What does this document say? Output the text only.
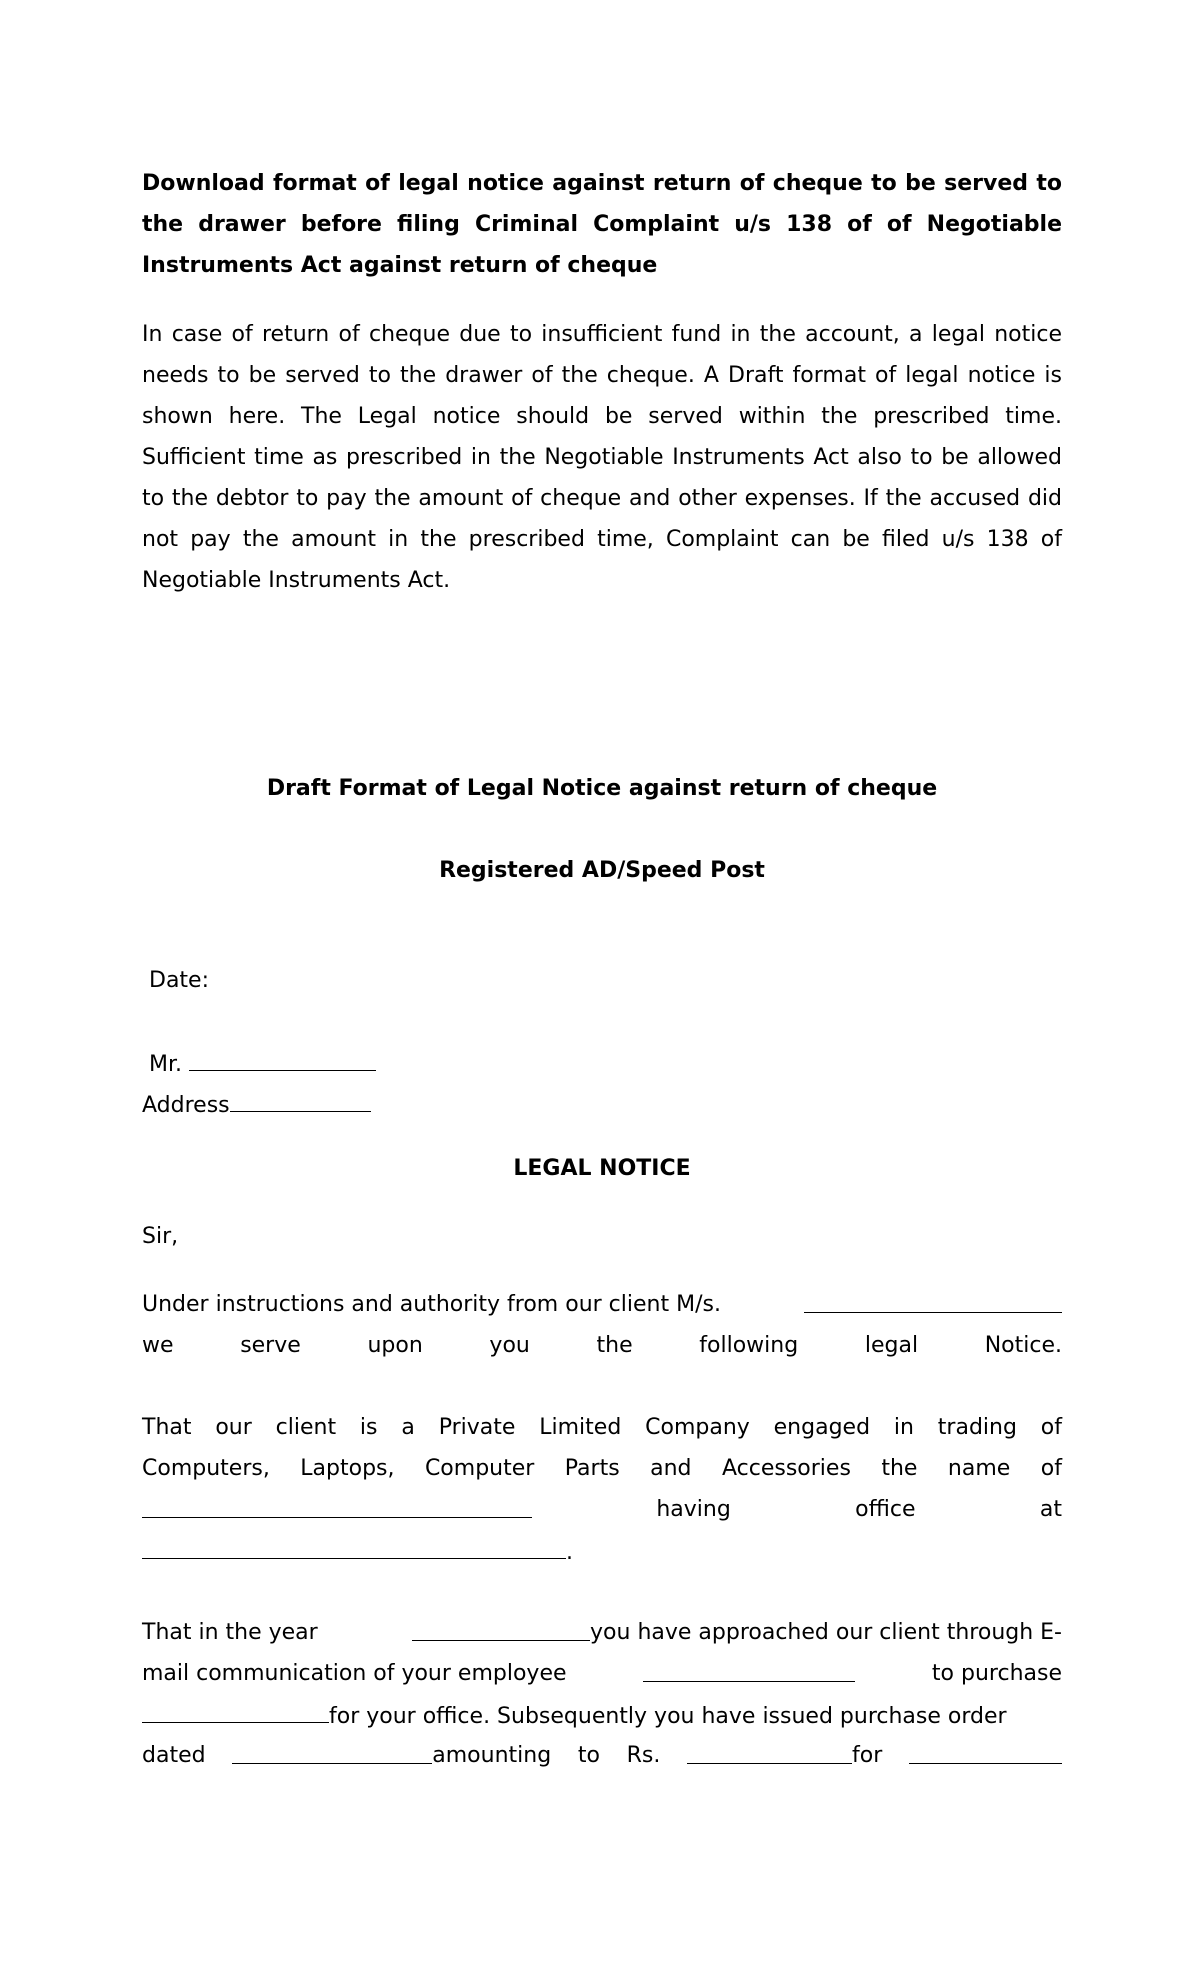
Download format of legal notice against return of cheque to be served to the drawer before filing Criminal Complaint u/s 138 of of Negotiable Instruments Act against return of cheque
In case of return of cheque due to insufficient fund in the account, a legal notice needs to be served to the drawer of the cheque. A Draft format of legal notice is shown here. The Legal notice should be served within the prescribed time. Sufficient time as prescribed in the Negotiable Instruments Act also to be allowed to the debtor to pay the amount of cheque and other expenses. If the accused did not pay the amount in the prescribed time, Complaint can be filed u/s 138 of Negotiable Instruments Act.
Draft Format of Legal Notice against return of cheque
Registered AD/Speed Post
Date:
Mr.
Address
LEGAL NOTICE
Sir,
Under instructions and authority from our client M/s.
we	serve	upon	you	the	following	legal	Notice.
That our client is a Private Limited Company engaged in trading of
Computers, Laptops, Computer Parts and Accessories the name of
having	office	at
.
That in the year	you have approached our client through E-
mail communication of your employee	to purchase
for your office. Subsequently you have issued purchase order
dated	amounting to Rs.	for
